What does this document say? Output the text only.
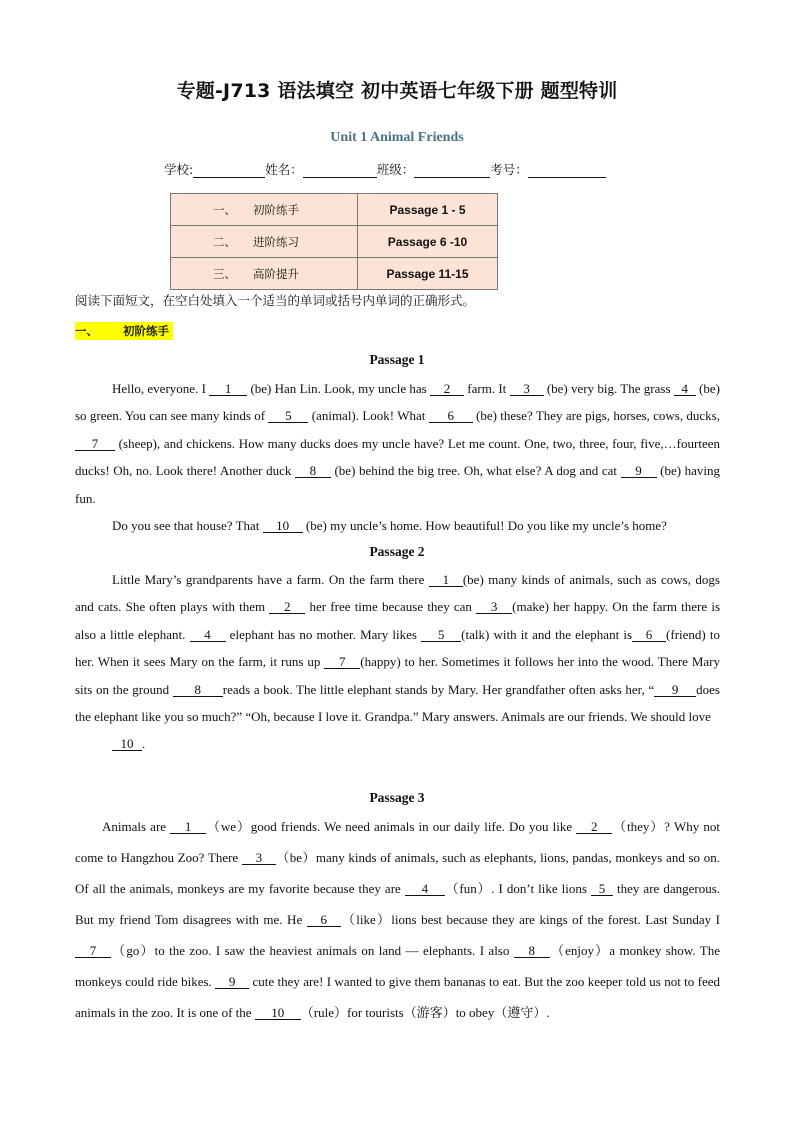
专题-J713 语法填空 初中英语七年级下册 题型特训
Unit 1 Animal Friends
学校:	姓名：	班级：	考号：
一、 初阶练手	Passage 1 - 5
二、 进阶练习	Passage 6 -10
三、 高阶提升	Passage 11-15
阅读下面短文，在空白处填入一个适当的单词或括号内单词的正确形式。
一、 初阶练手
Passage 1

Hello, everyone. I 1 (be) Han Lin. Look, my uncle has 2 farm. It 3 (be) very big. The grass 4 (be) so green. You can see many kinds of 5 (animal). Look! What 6 (be) these? They are pigs, horses, cows, ducks, 7 (sheep), and chickens. How many ducks does my uncle have? Let me count. One, two, three, four, five,…fourteen ducks! Oh, no. Look there! Another duck 8 (be) behind the big tree. Oh, what else? A dog and cat 9 (be) having fun.

Do you see that house? That 10 (be) my uncle’s home. How beautiful! Do you like my uncle’s home?

Passage 2

Little Mary’s grandparents have a farm. On the farm there 1 (be) many kinds of animals, such as cows, dogs and cats. She often plays with them 2 her free time because they can 3 (make) her happy. On the farm there is also a little elephant. 4 elephant has no mother. Mary likes 5 (talk) with it and the elephant is 6 (friend) to her. When it sees Mary on the farm, it runs up 7 (happy) to her. Sometimes it follows her into the wood. There Mary sits on the ground 8 reads a book. The little elephant stands by Mary. Her grandfather often asks her, “ 9 does the elephant like you so much?” “Oh, because I love it. Grandpa.” Mary answers. Animals are our friends. We should love
10 .

Passage 3

Animals are 1 （we）good friends. We need animals in our daily life. Do you like 2 （they）? Why not come to Hangzhou Zoo? There 3 （be）many kinds of animals, such as elephants, lions, pandas, monkeys and so on. Of all the animals, monkeys are my favorite because they are 4 （fun）. I don’t like lions 5 they are dangerous. But my friend Tom disagrees with me. He 6 （like）lions best because they are kings of the forest. Last Sunday I 7 （go）to the zoo. I saw the heaviest animals on land — elephants. I also 8 （enjoy）a monkey show. The monkeys could ride bikes. 9 cute they are! I wanted to give them bananas to eat. But the zoo keeper told us not to feed animals in the zoo. It is one of the 10 （rule）for tourists（游客）to obey（遵守）.
